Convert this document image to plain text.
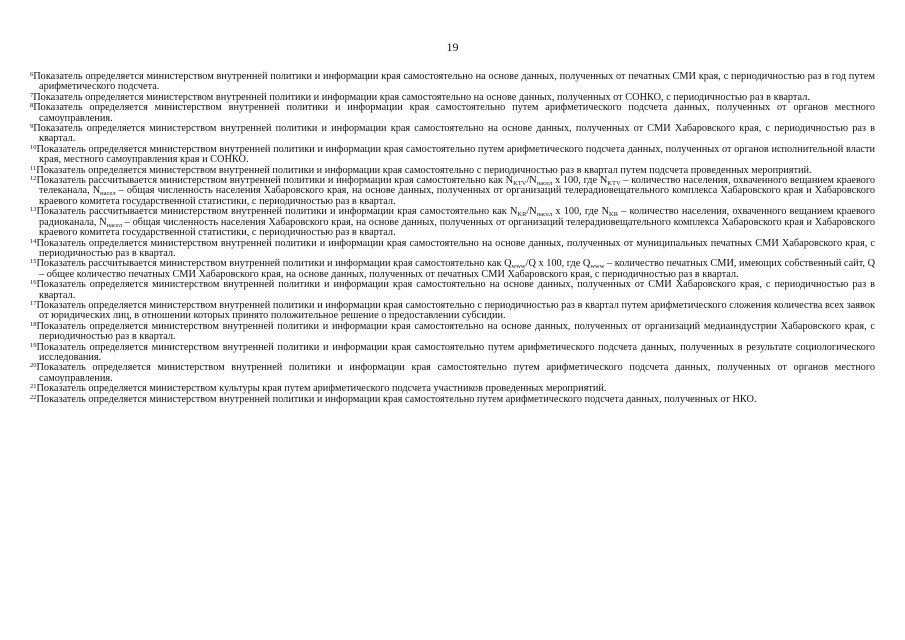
19

$^6$Показатель определяется министерством внутренней политики и информации края самостоятельно на основе данных, полученных от печатных СМИ края, с периодичностью раз в год путем арифметического подсчета.

$^7$Показатель определяется министерством внутренней политики и информации края самостоятельно на основе данных, полученных от СОНКО, с периодичностью раз в квартал.

$^8$Показатель определяется министерством внутренней политики и информации края самостоятельно путем арифметического подсчета данных, полученных от органов местного самоуправления.

$^9$Показатель определяется министерством внутренней политики и информации края самостоятельно на основе данных, полученных от СМИ Хабаровского края, с периодичностью раз в квартал.

$^{10}$Показатель определяется министерством внутренней политики и информации края самостоятельно путем арифметического подсчета данных, полученных от органов исполнительной власти края, местного самоуправления края и СОНКО.

$^{11}$Показатель определяется министерством внутренней политики и информации края самостоятельно с периодичностью раз в квартал путем подсчета проведенных мероприятий.

$^{12}$Показатель рассчитывается министерством внутренней политики и информации края самостоятельно как $N_{KTV}/N_{насел}$ x 100, где $N_{KTV}$ – количество населения, охваченного вещанием краевого телеканала, $N_{насел}$ – общая численность населения Хабаровского края, на основе данных, полученных от организаций телерадиовещательного комплекса Хабаровского края и Хабаровского краевого комитета государственной статистики, с периодичностью раз в квартал.

$^{13}$Показатель рассчитывается министерством внутренней политики и информации края самостоятельно как $N_{KR}/N_{насел}$ x 100, где $N_{KR}$ – количество населения, охваченного вещанием краевого радиоканала, $N_{насел}$ – общая численность населения Хабаровского края, на основе данных, полученных от организаций телерадиовещательного комплекса Хабаровского края и Хабаровского краевого комитета государственной статистики, с периодичностью раз в квартал.

$^{14}$Показатель определяется министерством внутренней политики и информации края самостоятельно на основе данных, полученных от муниципальных печатных СМИ Хабаровского края, с периодичностью раз в квартал.

$^{15}$Показатель рассчитывается министерством внутренней политики и информации края самостоятельно как $Q_{www}/Q$ x 100, где $Q_{www}$ – количество печатных СМИ, имеющих собственный сайт, Q – общее количество печатных СМИ Хабаровского края, на основе данных, полученных от печатных СМИ Хабаровского края, с периодичностью раз в квартал.

$^{16}$Показатель определяется министерством внутренней политики и информации края самостоятельно на основе данных, полученных от СМИ Хабаровского края, с периодичностью раз в квартал.

$^{17}$Показатель определяется министерством внутренней политики и информации края самостоятельно с периодичностью раз в квартал путем арифметического сложения количества всех заявок от юридических лиц, в отношении которых принято положительное решение о предоставлении субсидии.

$^{18}$Показатель определяется министерством внутренней политики и информации края самостоятельно на основе данных, полученных от организаций медиаиндустрии Хабаровского края, с периодичностью раз в квартал.

$^{19}$Показатель определяется министерством внутренней политики и информации края самостоятельно путем арифметического подсчета данных, полученных в результате социологического исследования.

$^{20}$Показатель определяется министерством внутренней политики и информации края самостоятельно путем арифметического подсчета данных, полученных от органов местного самоуправления.

$^{21}$Показатель определяется министерством культуры края путем арифметического подсчета участников проведенных мероприятий.

$^{22}$Показатель определяется министерством внутренней политики и информации края самостоятельно путем арифметического подсчета данных, полученных от НКО.
